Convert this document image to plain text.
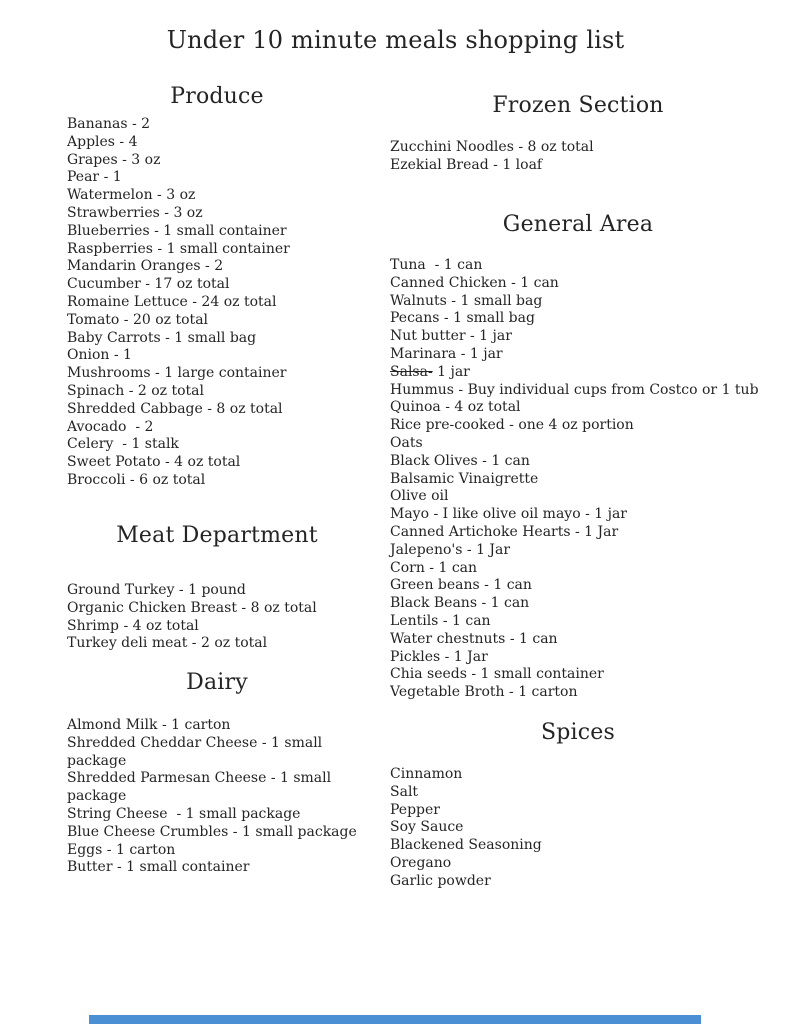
Under 10 minute meals shopping list
Produce
Bananas - 2
Apples - 4
Grapes - 3 oz
Pear - 1
Watermelon - 3 oz
Strawberries - 3 oz
Blueberries - 1 small container
Raspberries - 1 small container
Mandarin Oranges - 2
Cucumber - 17 oz total
Romaine Lettuce - 24 oz total
Tomato - 20 oz total
Baby Carrots - 1 small bag
Onion - 1
Mushrooms - 1 large container
Spinach - 2 oz total
Shredded Cabbage - 8 oz total
Avocado  - 2
Celery  - 1 stalk
Sweet Potato - 4 oz total
Broccoli - 6 oz total
Meat Department
Ground Turkey - 1 pound
Organic Chicken Breast - 8 oz total
Shrimp - 4 oz total
Turkey deli meat - 2 oz total
Dairy
Almond Milk - 1 carton
Shredded Cheddar Cheese - 1 small package
Shredded Parmesan Cheese - 1 small package
String Cheese  - 1 small package
Blue Cheese Crumbles - 1 small package
Eggs - 1 carton
Butter - 1 small container
Frozen Section
Zucchini Noodles - 8 oz total
Ezekial Bread - 1 loaf
General Area
Tuna  - 1 can
Canned Chicken - 1 can
Walnuts - 1 small bag
Pecans - 1 small bag
Nut butter - 1 jar
Marinara - 1 jar
Salsa- 1 jar
Hummus - Buy individual cups from Costco or 1 tub
Quinoa - 4 oz total
Rice pre-cooked - one 4 oz portion
Oats
Black Olives - 1 can
Balsamic Vinaigrette
Olive oil
Mayo - I like olive oil mayo - 1 jar
Canned Artichoke Hearts - 1 Jar
Jalepeno's - 1 Jar
Corn - 1 can
Green beans - 1 can
Black Beans - 1 can
Lentils - 1 can
Water chestnuts - 1 can
Pickles - 1 Jar
Chia seeds - 1 small container
Vegetable Broth - 1 carton
Spices
Cinnamon
Salt
Pepper
Soy Sauce
Blackened Seasoning
Oregano
Garlic powder
